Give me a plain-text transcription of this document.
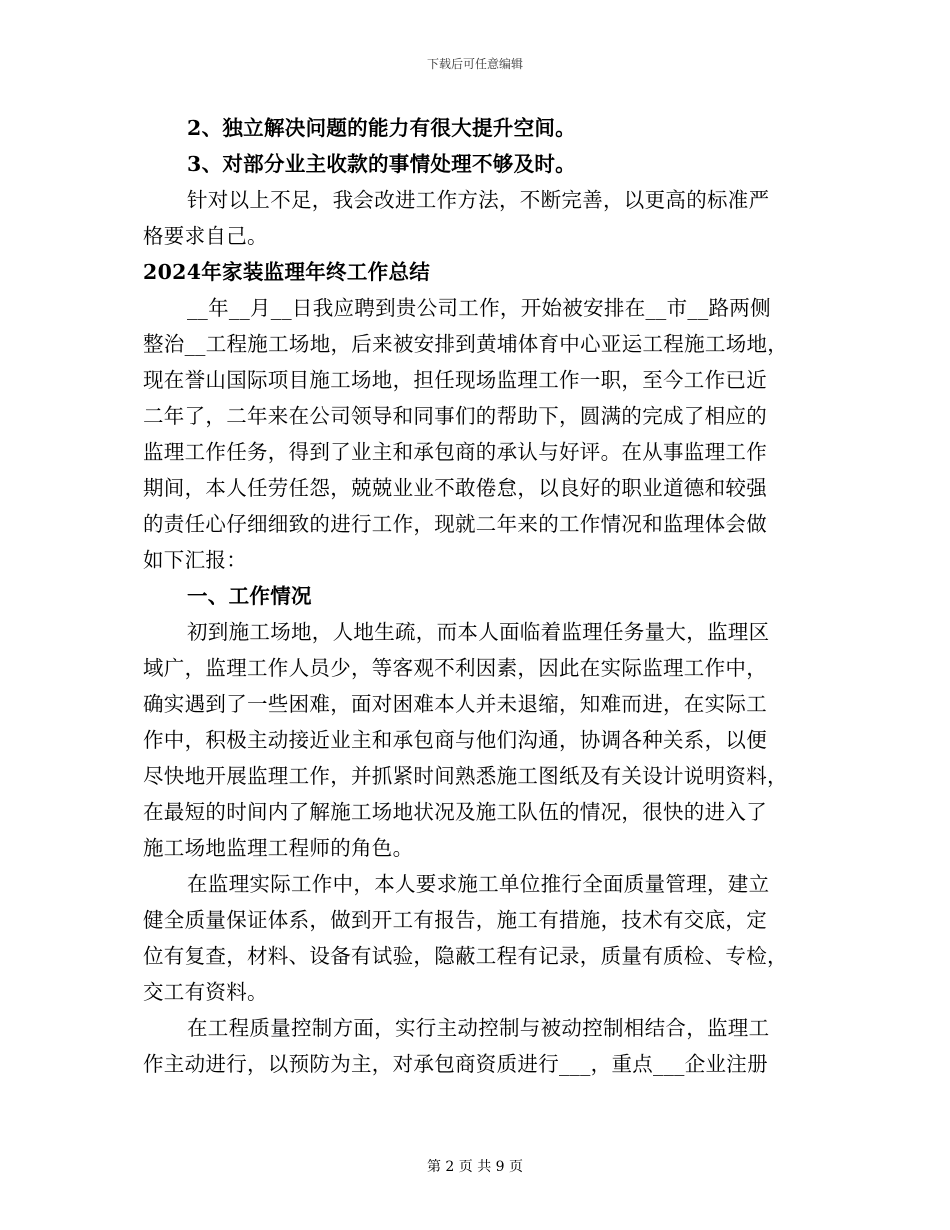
下载后可任意编辑

2、独立解决问题的能力有很大提升空间。

3、对部分业主收款的事情处理不够及时。

针对以上不足，我会改进工作方法，不断完善，以更高的标准严
格要求自己。

2024年家装监理年终工作总结

__年__月__日我应聘到贵公司工作，开始被安排在__市__路两侧
整治__工程施工场地，后来被安排到黄埔体育中心亚运工程施工场地，
现在誉山国际项目施工场地，担任现场监理工作一职，至今工作已近
二年了，二年来在公司领导和同事们的帮助下，圆满的完成了相应的
监理工作任务，得到了业主和承包商的承认与好评。在从事监理工作
期间，本人任劳任怨，兢兢业业不敢倦怠，以良好的职业道德和较强
的责任心仔细细致的进行工作，现就二年来的工作情况和监理体会做
如下汇报：

一、工作情况

初到施工场地，人地生疏，而本人面临着监理任务量大，监理区
域广，监理工作人员少，等客观不利因素，因此在实际监理工作中，
确实遇到了一些困难，面对困难本人并未退缩，知难而进，在实际工
作中，积极主动接近业主和承包商与他们沟通，协调各种关系，以便
尽快地开展监理工作，并抓紧时间熟悉施工图纸及有关设计说明资料，
在最短的时间内了解施工场地状况及施工队伍的情况，很快的进入了
施工场地监理工程师的角色。

在监理实际工作中，本人要求施工单位推行全面质量管理，建立
健全质量保证体系，做到开工有报告，施工有措施，技术有交底，定
位有复查，材料、设备有试验，隐蔽工程有记录，质量有质检、专检，
交工有资料。

在工程质量控制方面，实行主动控制与被动控制相结合，监理工
作主动进行，以预防为主，对承包商资质进行___，重点___企业注册

第 2 页 共 9 页
